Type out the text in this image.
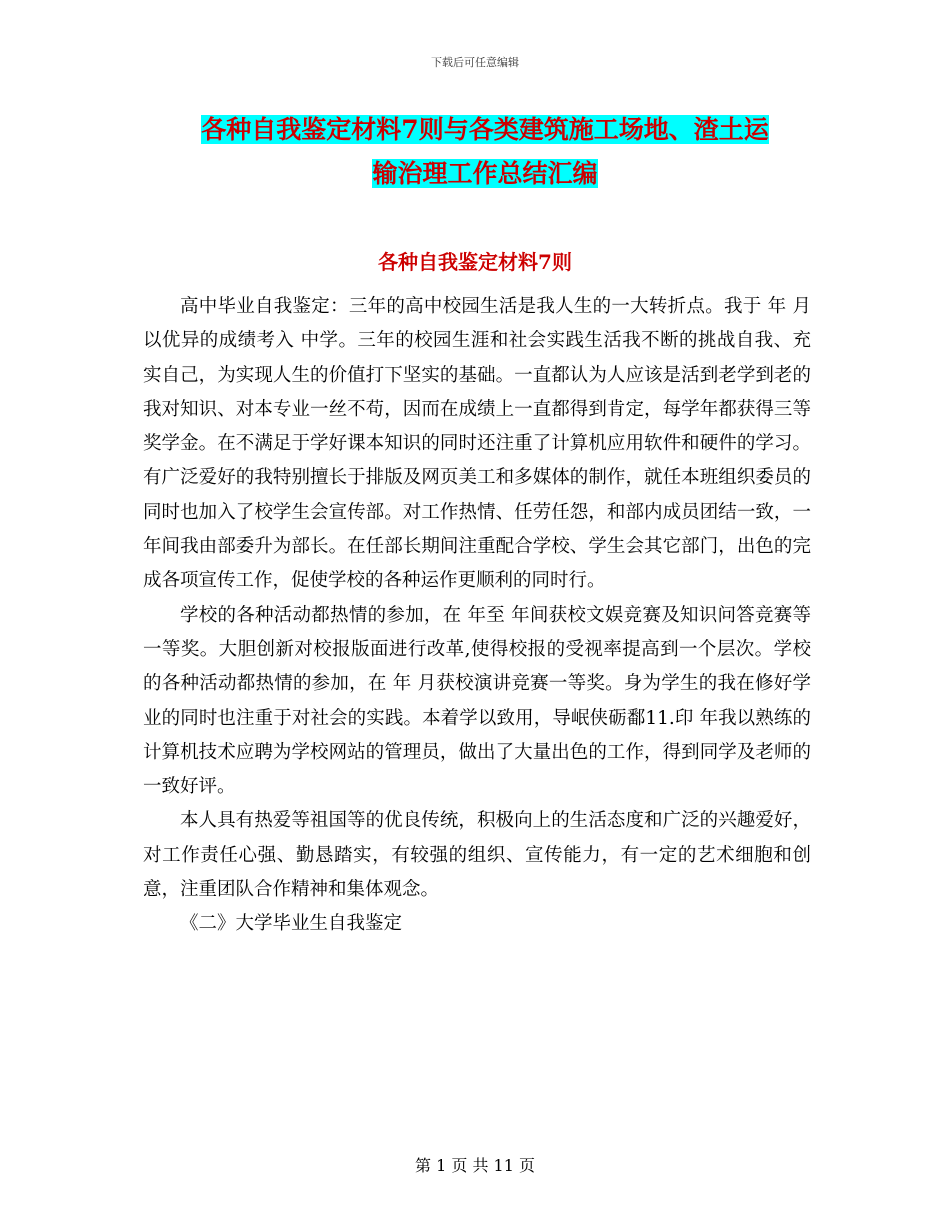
下载后可任意编辑
各种自我鉴定材料7则与各类建筑施工场地、渣土运
输治理工作总结汇编
各种自我鉴定材料7则

高中毕业自我鉴定：三年的高中校园生活是我人生的一大转折点。我于 年 月以优异的成绩考入 中学。三年的校园生涯和社会实践生活我不断的挑战自我、充实自己，为实现人生的价值打下坚实的基础。一直都认为人应该是活到老学到老的我对知识、对本专业一丝不苟，因而在成绩上一直都得到肯定，每学年都获得三等奖学金。在不满足于学好课本知识的同时还注重了计算机应用软件和硬件的学习。 有广泛爱好的我特别擅长于排版及网页美工和多媒体的制作，就任本班组织委员的同时也加入了校学生会宣传部。对工作热情、任劳任怨，和部内成员团结一致，一年间我由部委升为部长。在任部长期间注重配合学校、学生会其它部门，出色的完成各项宣传工作，促使学校的各种运作更顺利的同时行。

学校的各种活动都热情的参加，在 年至 年间获校文娱竞赛及知识问答竞赛等一等奖。大胆创新对校报版面进行改革,使得校报的受视率提高到一个层次。学校的各种活动都热情的参加，在 年 月获校演讲竞赛一等奖。身为学生的我在修好学业的同时也注重于对社会的实践。本着学以致用，导岷侠砺鄱11.印 年我以熟练的计算机技术应聘为学校网站的管理员，做出了大量出色的工作，得到同学及老师的一致好评。

本人具有热爱等祖国等的优良传统，积极向上的生活态度和广泛的兴趣爱好，对工作责任心强、勤恳踏实，有较强的组织、宣传能力，有一定的艺术细胞和创意，注重团队合作精神和集体观念。

《二》大学毕业生自我鉴定

第 1 页 共 11 页
